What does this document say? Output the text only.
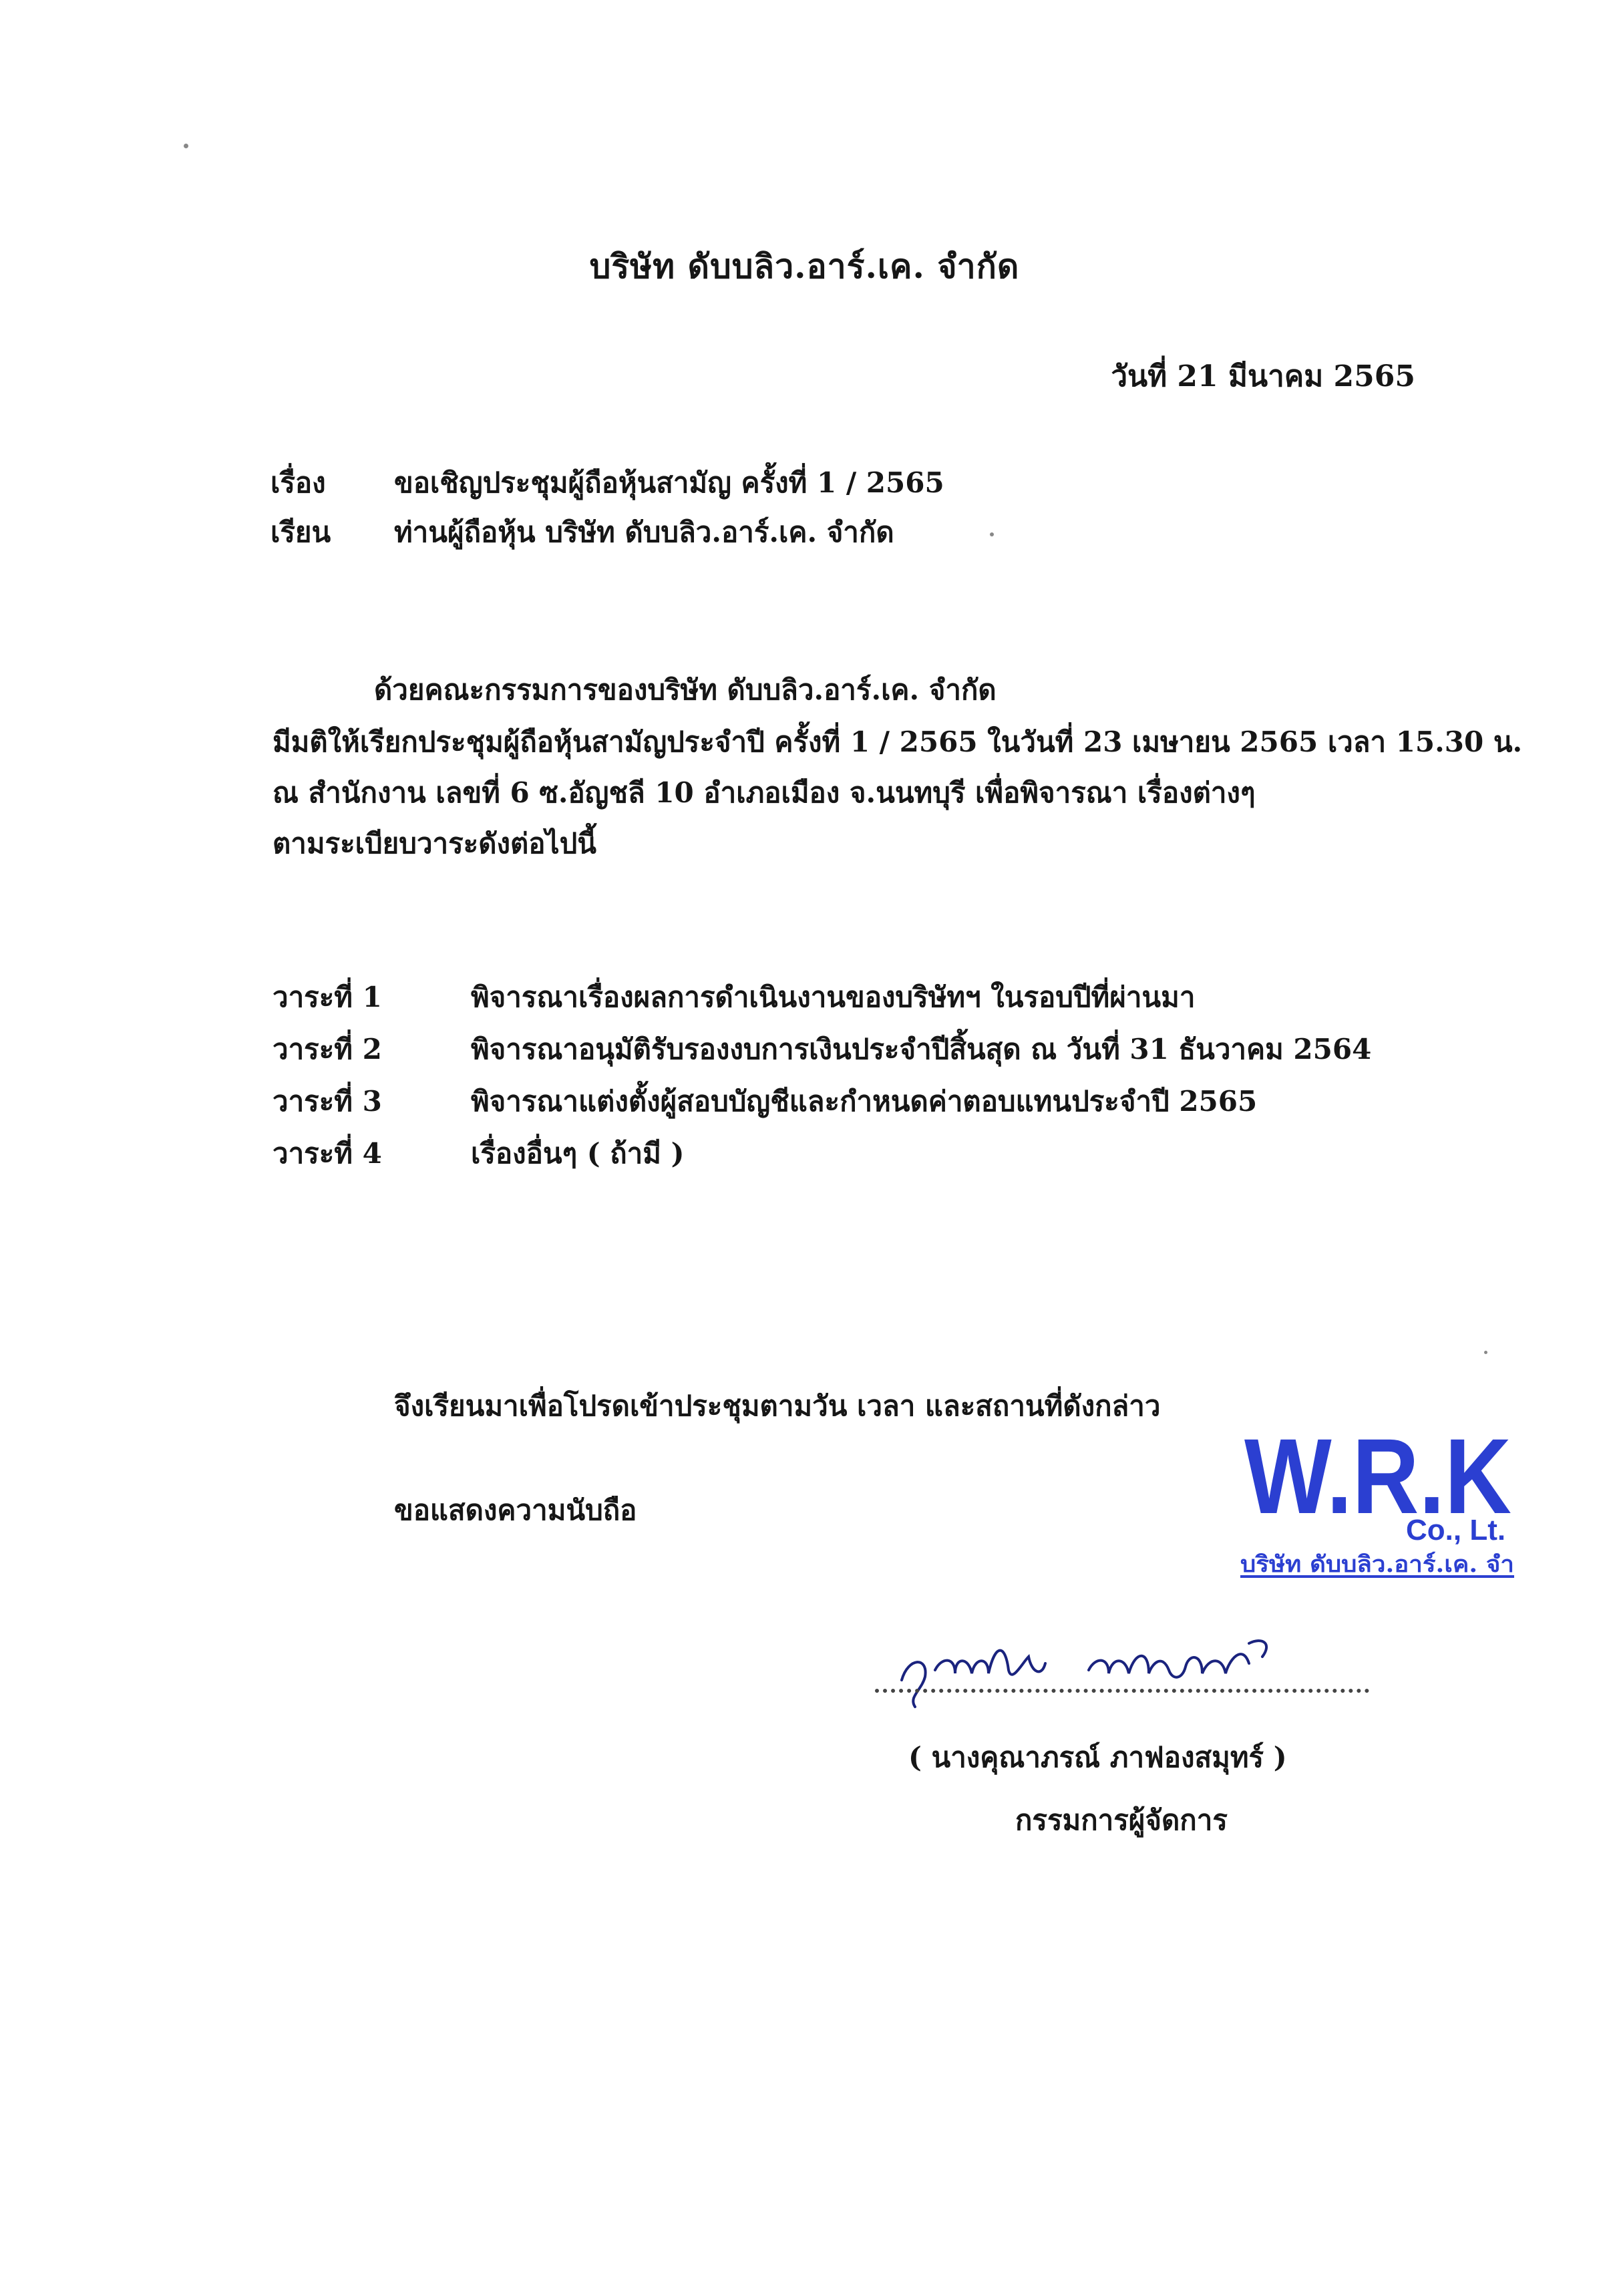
บริษัท ดับบลิว.อาร์.เค. จำกัด
วันที่ 21 มีนาคม 2565
เรื่อง ขอเชิญประชุมผู้ถือหุ้นสามัญ ครั้งที่ 1 / 2565
เรียน ท่านผู้ถือหุ้น บริษัท ดับบลิว.อาร์.เค. จำกัด
ด้วยคณะกรรมการของบริษัท ดับบลิว.อาร์.เค. จำกัด
มีมติให้เรียกประชุมผู้ถือหุ้นสามัญประจำปี ครั้งที่ 1 / 2565 ในวันที่ 23 เมษายน 2565 เวลา 15.30 น.
ณ สำนักงาน เลขที่ 6 ซ.อัญชลี 10 อำเภอเมือง จ.นนทบุรี เพื่อพิจารณา เรื่องต่างๆ
ตามระเบียบวาระดังต่อไปนี้
วาระที่ 1	พิจารณาเรื่องผลการดำเนินงานของบริษัทฯ ในรอบปีที่ผ่านมา
วาระที่ 2	พิจารณาอนุมัติรับรองงบการเงินประจำปีสิ้นสุด ณ วันที่ 31 ธันวาคม 2564
วาระที่ 3	พิจารณาแต่งตั้งผู้สอบบัญชีและกำหนดค่าตอบแทนประจำปี 2565
วาระที่ 4	เรื่องอื่นๆ ( ถ้ามี )
จึงเรียนมาเพื่อโปรดเข้าประชุมตามวัน เวลา และสถานที่ดังกล่าว
ขอแสดงความนับถือ	W.R.K
Co., Lt.
บริษัท ดับบลิว.อาร์.เค. จำ
( นางคุณาภรณ์ ภาฟองสมุทร์ )
กรรมการผู้จัดการ
